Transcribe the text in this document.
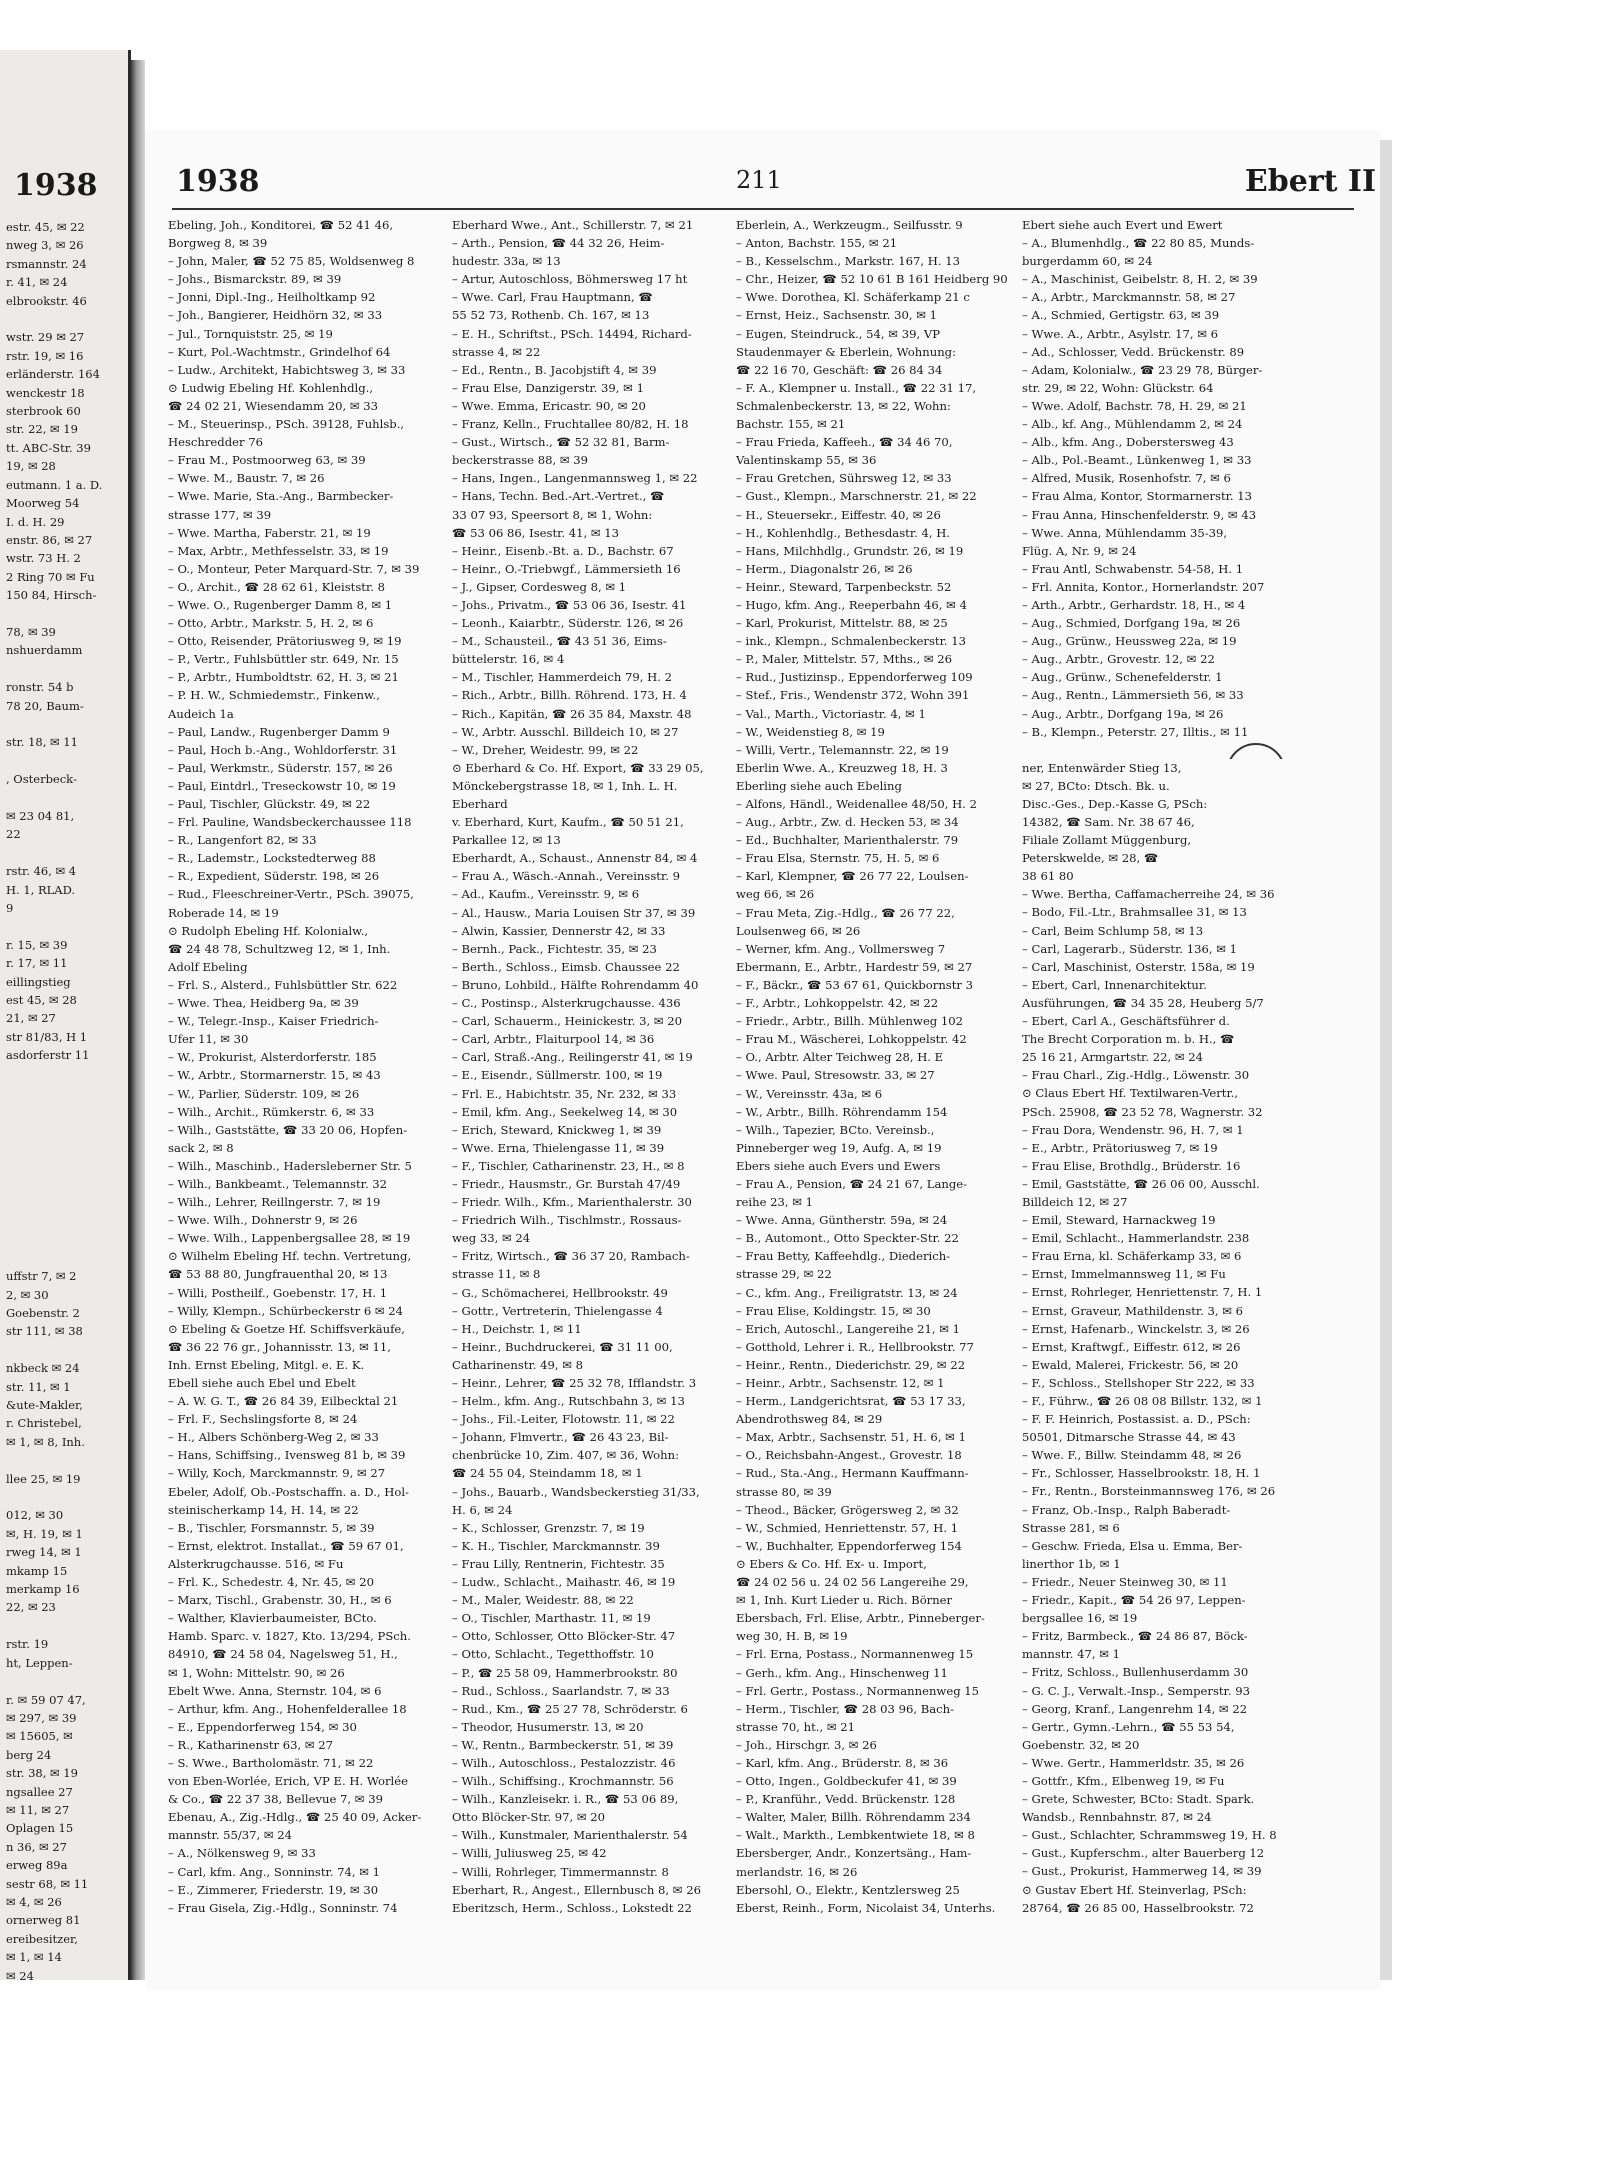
1938
estr. 45, ✉ 22
nweg 3, ✉ 26
rsmannstr. 24
r. 41, ✉ 24
elbrookstr. 46

wstr. 29 ✉ 27
rstr. 19, ✉ 16
erländerstr. 164
wenckestr 18
sterbrook 60
str. 22, ✉ 19
tt. ABC-Str. 39
19, ✉ 28
eutmann. 1 a. D.
Moorweg 54
I. d. H. 29
enstr. 86, ✉ 27
wstr. 73 H. 2
2 Ring 70 ✉ Fu
150 84, Hirsch-

78, ✉ 39
nshuerdamm

ronstr. 54 b
78 20, Baum-

str. 18, ✉ 11

, Osterbeck-

✉ 23 04 81,
22

rstr. 46, ✉ 4
H. 1, RLAD.
9

r. 15, ✉ 39
r. 17, ✉ 11
eillingstieg
est 45, ✉ 28
21, ✉ 27
str 81/83, H 1
asdorferstr 11

uffstr 7, ✉ 2
2, ✉ 30
Goebenstr. 2
str 111, ✉ 38

nkbeck ✉ 24
str. 11, ✉ 1
&ute-Makler,
r. Christebel,
✉ 1, ✉ 8, Inh.

llee 25, ✉ 19

012, ✉ 30
✉, H. 19, ✉ 1
rweg 14, ✉ 1
mkamp 15
merkamp 16
22, ✉ 23

rstr. 19
ht, Leppen-

r. ✉ 59 07 47,
✉ 297, ✉ 39
✉ 15605, ✉
berg 24
str. 38, ✉ 19
ngsallee 27
✉ 11, ✉ 27
Oplagen 15
n 36, ✉ 27
erweg 89a
sestr 68, ✉ 11
✉ 4, ✉ 26
ornerweg 81
ereibesitzer,
✉ 1, ✉ 14
✉ 24

1938	211	Ebert II
Ebeling, Joh., Konditorei, ☎ 52 41 46,
Borgweg 8, ✉ 39
– John, Maler, ☎ 52 75 85, Woldsenweg 8
– Johs., Bismarckstr. 89, ✉ 39
– Jonni, Dipl.-Ing., Heilholtkamp 92
– Joh., Bangierer, Heidhörn 32, ✉ 33
– Jul., Tornquiststr. 25, ✉ 19
– Kurt, Pol.-Wachtmstr., Grindelhof 64
– Ludw., Architekt, Habichtsweg 3, ✉ 33
⊙ Ludwig Ebeling Hf. Kohlenhdlg.,
☎ 24 02 21, Wiesendamm 20, ✉ 33
– M., Steuerinsp., PSch. 39128, Fuhlsb.,
Heschredder 76
– Frau M., Postmoorweg 63, ✉ 39
– Wwe. M., Baustr. 7, ✉ 26
– Wwe. Marie, Sta.-Ang., Barmbecker-
strasse 177, ✉ 39
– Wwe. Martha, Faberstr. 21, ✉ 19
– Max, Arbtr., Methfesselstr. 33, ✉ 19
– O., Monteur, Peter Marquard-Str. 7, ✉ 39
– O., Archit., ☎ 28 62 61, Kleiststr. 8
– Wwe. O., Rugenberger Damm 8, ✉ 1
– Otto, Arbtr., Markstr. 5, H. 2, ✉ 6
– Otto, Reisender, Prätoriusweg 9, ✉ 19
– P., Vertr., Fuhlsbüttler str. 649, Nr. 15
– P., Arbtr., Humboldtstr. 62, H. 3, ✉ 21
– P. H. W., Schmiedemstr., Finkenw.,
Audeich 1a
– Paul, Landw., Rugenberger Damm 9
– Paul, Hoch b.-Ang., Wohldorferstr. 31
– Paul, Werkmstr., Süderstr. 157, ✉ 26
– Paul, Eintdrl., Treseckowstr 10, ✉ 19
– Paul, Tischler, Glückstr. 49, ✉ 22
– Frl. Pauline, Wandsbeckerchaussee 118
– R., Langenfort 82, ✉ 33
– R., Lademstr., Lockstedterweg 88
– R., Expedient, Süderstr. 198, ✉ 26
– Rud., Fleeschreiner-Vertr., PSch. 39075,
Roberade 14, ✉ 19
⊙ Rudolph Ebeling Hf. Kolonialw.,
☎ 24 48 78, Schultzweg 12, ✉ 1, Inh.
Adolf Ebeling
– Frl. S., Alsterd., Fuhlsbüttler Str. 622
– Wwe. Thea, Heidberg 9a, ✉ 39
– W., Telegr.-Insp., Kaiser Friedrich-
Ufer 11, ✉ 30
– W., Prokurist, Alsterdorferstr. 185
– W., Arbtr., Stormarnerstr. 15, ✉ 43
– W., Parlier, Süderstr. 109, ✉ 26
– Wilh., Archit., Rümkerstr. 6, ✉ 33
– Wilh., Gaststätte, ☎ 33 20 06, Hopfen-
sack 2, ✉ 8
– Wilh., Maschinb., Hadersleberner Str. 5
– Wilh., Bankbeamt., Telemannstr. 32
– Wilh., Lehrer, Reillngerstr. 7, ✉ 19
– Wwe. Wilh., Dohnerstr 9, ✉ 26
– Wwe. Wilh., Lappenbergsallee 28, ✉ 19
⊙ Wilhelm Ebeling Hf. techn. Vertretung,
☎ 53 88 80, Jungfrauenthal 20, ✉ 13
– Willi, Postheilf., Goebenstr. 17, H. 1
– Willy, Klempn., Schürbeckerstr 6 ✉ 24
⊙ Ebeling & Goetze Hf. Schiffsverkäufe,
☎ 36 22 76 gr., Johannisstr. 13, ✉ 11,
Inh. Ernst Ebeling, Mitgl. e. E. K.
Ebell siehe auch Ebel und Ebelt
– A. W. G. T., ☎ 26 84 39, Eilbecktal 21
– Frl. F., Sechslingsforte 8, ✉ 24
– H., Albers Schönberg-Weg 2, ✉ 33
– Hans, Schiffsing., Ivensweg 81 b, ✉ 39
– Willy, Koch, Marckmannstr. 9, ✉ 27
Ebeler, Adolf, Ob.-Postschaffn. a. D., Hol-
steinischerkamp 14, H. 14, ✉ 22
– B., Tischler, Forsmannstr. 5, ✉ 39
– Ernst, elektrot. Installat., ☎ 59 67 01,
Alsterkrugchausse. 516, ✉ Fu
– Frl. K., Schedestr. 4, Nr. 45, ✉ 20
– Marx, Tischl., Grabenstr. 30, H., ✉ 6
– Walther, Klavierbaumeister, BCto.
Hamb. Sparc. v. 1827, Kto. 13/294, PSch.
84910, ☎ 24 58 04, Nagelsweg 51, H.,
✉ 1, Wohn: Mittelstr. 90, ✉ 26
Ebelt Wwe. Anna, Sternstr. 104, ✉ 6
– Arthur, kfm. Ang., Hohenfelderallee 18
– E., Eppendorferweg 154, ✉ 30
– R., Katharinenstr 63, ✉ 27
– S. Wwe., Bartholomästr. 71, ✉ 22
von Eben-Worlée, Erich, VP E. H. Worlée
& Co., ☎ 22 37 38, Bellevue 7, ✉ 39
Ebenau, A., Zig.-Hdlg., ☎ 25 40 09, Acker-
mannstr. 55/37, ✉ 24
– A., Nölkensweg 9, ✉ 33
– Carl, kfm. Ang., Sonninstr. 74, ✉ 1
– E., Zimmerer, Friederstr. 19, ✉ 30
– Frau Gisela, Zig.-Hdlg., Sonninstr. 74
Eberhard Wwe., Ant., Schillerstr. 7, ✉ 21
– Arth., Pension, ☎ 44 32 26, Heim-
hudestr. 33a, ✉ 13
– Artur, Autoschloss, Böhmersweg 17 ht
– Wwe. Carl, Frau Hauptmann, ☎
55 52 73, Rothenb. Ch. 167, ✉ 13
– E. H., Schriftst., PSch. 14494, Richard-
strasse 4, ✉ 22
– Ed., Rentn., B. Jacobjstift 4, ✉ 39
– Frau Else, Danzigerstr. 39, ✉ 1
– Wwe. Emma, Ericastr. 90, ✉ 20
– Franz, Kelln., Fruchtallee 80/82, H. 18
– Gust., Wirtsch., ☎ 52 32 81, Barm-
beckerstrasse 88, ✉ 39
– Hans, Ingen., Langenmannsweg 1, ✉ 22
– Hans, Techn. Bed.-Art.-Vertret., ☎
33 07 93, Speersort 8, ✉ 1, Wohn:
☎ 53 06 86, Isestr. 41, ✉ 13
– Heinr., Eisenb.-Bt. a. D., Bachstr. 67
– Heinr., O.-Triebwgf., Lämmersieth 16
– J., Gipser, Cordesweg 8, ✉ 1
– Johs., Privatm., ☎ 53 06 36, Isestr. 41
– Leonh., Kaiarbtr., Süderstr. 126, ✉ 26
– M., Schausteil., ☎ 43 51 36, Eims-
büttelerstr. 16, ✉ 4
– M., Tischler, Hammerdeich 79, H. 2
– Rich., Arbtr., Billh. Röhrend. 173, H. 4
– Rich., Kapitän, ☎ 26 35 84, Maxstr. 48
– W., Arbtr. Ausschl. Billdeich 10, ✉ 27
– W., Dreher, Weidestr. 99, ✉ 22
⊙ Eberhard & Co. Hf. Export, ☎ 33 29 05,
Mönckebergstrasse 18, ✉ 1, Inh. L. H.
Eberhard
v. Eberhard, Kurt, Kaufm., ☎ 50 51 21,
Parkallee 12, ✉ 13
Eberhardt, A., Schaust., Annenstr 84, ✉ 4
– Frau A., Wäsch.-Annah., Vereinsstr. 9
– Ad., Kaufm., Vereinsstr. 9, ✉ 6
– Al., Hausw., Maria Louisen Str 37, ✉ 39
– Alwin, Kassier, Dennerstr 42, ✉ 33
– Bernh., Pack., Fichtestr. 35, ✉ 23
– Berth., Schloss., Eimsb. Chaussee 22
– Bruno, Lohbild., Hälfte Rohrendamm 40
– C., Postinsp., Alsterkrugchausse. 436
– Carl, Schauerm., Heinickestr. 3, ✉ 20
– Carl, Arbtr., Flaiturpool 14, ✉ 36
– Carl, Straß.-Ang., Reilingerstr 41, ✉ 19
– E., Eisendr., Süllmerstr. 100, ✉ 19
– Frl. E., Habichtstr. 35, Nr. 232, ✉ 33
– Emil, kfm. Ang., Seekelweg 14, ✉ 30
– Erich, Steward, Knickweg 1, ✉ 39
– Wwe. Erna, Thielengasse 11, ✉ 39
– F., Tischler, Catharinenstr. 23, H., ✉ 8
– Friedr., Hausmstr., Gr. Burstah 47/49
– Friedr. Wilh., Kfm., Marienthalerstr. 30
– Friedrich Wilh., Tischlmstr., Rossaus-
weg 33, ✉ 24
– Fritz, Wirtsch., ☎ 36 37 20, Rambach-
strasse 11, ✉ 8
– G., Schömacherei, Hellbrookstr. 49
– Gottr., Vertreterin, Thielengasse 4
– H., Deichstr. 1, ✉ 11
– Heinr., Buchdruckerei, ☎ 31 11 00,
Catharinenstr. 49, ✉ 8
– Heinr., Lehrer, ☎ 25 32 78, Ifflandstr. 3
– Helm., kfm. Ang., Rutschbahn 3, ✉ 13
– Johs., Fil.-Leiter, Flotowstr. 11, ✉ 22
– Johann, Flmvertr., ☎ 26 43 23, Bil-
chenbrücke 10, Zim. 407, ✉ 36, Wohn:
☎ 24 55 04, Steindamm 18, ✉ 1
– Johs., Bauarb., Wandsbeckerstieg 31/33,
H. 6, ✉ 24
– K., Schlosser, Grenzstr. 7, ✉ 19
– K. H., Tischler, Marckmannstr. 39
– Frau Lilly, Rentnerin, Fichtestr. 35
– Ludw., Schlacht., Maihastr. 46, ✉ 19
– M., Maler, Weidestr. 88, ✉ 22
– O., Tischler, Marthastr. 11, ✉ 19
– Otto, Schlosser, Otto Blöcker-Str. 47
– Otto, Schlacht., Tegetthoffstr. 10
– P., ☎ 25 58 09, Hammerbrookstr. 80
– Rud., Schloss., Saarlandstr. 7, ✉ 33
– Rud., Km., ☎ 25 27 78, Schröderstr. 6
– Theodor, Husumerstr. 13, ✉ 20
– W., Rentn., Barmbeckerstr. 51, ✉ 39
– Wilh., Autoschloss., Pestalozzistr. 46
– Wilh., Schiffsing., Krochmannstr. 56
– Wilh., Kanzleisekr. i. R., ☎ 53 06 89,
Otto Blöcker-Str. 97, ✉ 20
– Wilh., Kunstmaler, Marienthalerstr. 54
– Willi, Juliusweg 25, ✉ 42
– Willi, Rohrleger, Timmermannstr. 8
Eberhart, R., Angest., Ellernbusch 8, ✉ 26
Eberitzsch, Herm., Schloss., Lokstedt 22
Eberlein, A., Werkzeugm., Seilfusstr. 9
– Anton, Bachstr. 155, ✉ 21
– B., Kesselschm., Markstr. 167, H. 13
– Chr., Heizer, ☎ 52 10 61 B 161 Heidberg 90
– Wwe. Dorothea, Kl. Schäferkamp 21 c
– Ernst, Heiz., Sachsenstr. 30, ✉ 1
– Eugen, Steindruck., 54, ✉ 39, VP
Staudenmayer & Eberlein, Wohnung:
☎ 22 16 70, Geschäft: ☎ 26 84 34
– F. A., Klempner u. Install., ☎ 22 31 17,
Schmalenbeckerstr. 13, ✉ 22, Wohn:
Bachstr. 155, ✉ 21
– Frau Frieda, Kaffeeh., ☎ 34 46 70,
Valentinskamp 55, ✉ 36
– Frau Gretchen, Sührsweg 12, ✉ 33
– Gust., Klempn., Marschnerstr. 21, ✉ 22
– H., Steuersekr., Eiffestr. 40, ✉ 26
– H., Kohlenhdlg., Bethesdastr. 4, H.
– Hans, Milchhdlg., Grundstr. 26, ✉ 19
– Herm., Diagonalstr 26, ✉ 26
– Heinr., Steward, Tarpenbeckstr. 52
– Hugo, kfm. Ang., Reeperbahn 46, ✉ 4
– Karl, Prokurist, Mittelstr. 88, ✉ 25
– ink., Klempn., Schmalenbeckerstr. 13
– P., Maler, Mittelstr. 57, Mths., ✉ 26
– Rud., Justizinsp., Eppendorferweg 109
– Stef., Fris., Wendenstr 372, Wohn 391
– Val., Marth., Victoriastr. 4, ✉ 1
– W., Weidenstieg 8, ✉ 19
– Willi, Vertr., Telemannstr. 22, ✉ 19
Eberlin Wwe. A., Kreuzweg 18, H. 3
Eberling siehe auch Ebeling
– Alfons, Händl., Weidenallee 48/50, H. 2
– Aug., Arbtr., Zw. d. Hecken 53, ✉ 34
– Ed., Buchhalter, Marienthalerstr. 79
– Frau Elsa, Sternstr. 75, H. 5, ✉ 6
– Karl, Klempner, ☎ 26 77 22, Loulsen-
weg 66, ✉ 26
– Frau Meta, Zig.-Hdlg., ☎ 26 77 22,
Loulsenweg 66, ✉ 26
– Werner, kfm. Ang., Vollmersweg 7
Ebermann, E., Arbtr., Hardestr 59, ✉ 27
– F., Bäckr., ☎ 53 67 61, Quickbornstr 3
– F., Arbtr., Lohkoppelstr. 42, ✉ 22
– Friedr., Arbtr., Billh. Mühlenweg 102
– Frau M., Wäscherei, Lohkoppelstr. 42
– O., Arbtr. Alter Teichweg 28, H. E
– Wwe. Paul, Stresowstr. 33, ✉ 27
– W., Vereinsstr. 43a, ✉ 6
– W., Arbtr., Billh. Röhrendamm 154
– Wilh., Tapezier, BCto. Vereinsb.,
Pinneberger weg 19, Aufg. A, ✉ 19
Ebers siehe auch Evers und Ewers
– Frau A., Pension, ☎ 24 21 67, Lange-
reihe 23, ✉ 1
– Wwe. Anna, Güntherstr. 59a, ✉ 24
– B., Automont., Otto Speckter-Str. 22
– Frau Betty, Kaffeehdlg., Diederich-
strasse 29, ✉ 22
– C., kfm. Ang., Freiligratstr. 13, ✉ 24
– Frau Elise, Koldingstr. 15, ✉ 30
– Erich, Autoschl., Langereihe 21, ✉ 1
– Gotthold, Lehrer i. R., Hellbrookstr. 77
– Heinr., Rentn., Diederichstr. 29, ✉ 22
– Heinr., Arbtr., Sachsenstr. 12, ✉ 1
– Herm., Landgerichtsrat, ☎ 53 17 33,
Abendrothsweg 84, ✉ 29
– Max, Arbtr., Sachsenstr. 51, H. 6, ✉ 1
– O., Reichsbahn-Angest., Grovestr. 18
– Rud., Sta.-Ang., Hermann Kauffmann-
strasse 80, ✉ 39
– Theod., Bäcker, Grögersweg 2, ✉ 32
– W., Schmied, Henriettenstr. 57, H. 1
– W., Buchhalter, Eppendorferweg 154
⊙ Ebers & Co. Hf. Ex- u. Import,
☎ 24 02 56 u. 24 02 56 Langereihe 29,
✉ 1, Inh. Kurt Lieder u. Rich. Börner
Ebersbach, Frl. Elise, Arbtr., Pinneberger-
weg 30, H. B, ✉ 19
– Frl. Erna, Postass., Normannenweg 15
– Gerh., kfm. Ang., Hinschenweg 11
– Frl. Gertr., Postass., Normannenweg 15
– Herm., Tischler, ☎ 28 03 96, Bach-
strasse 70, ht., ✉ 21
– Joh., Hirschgr. 3, ✉ 26
– Karl, kfm. Ang., Brüderstr. 8, ✉ 36
– Otto, Ingen., Goldbeckufer 41, ✉ 39
– P., Kranführ., Vedd. Brückenstr. 128
– Walter, Maler, Billh. Röhrendamm 234
– Walt., Markth., Lembkentwiete 18, ✉ 8
Ebersberger, Andr., Konzertsäng., Ham-
merlandstr. 16, ✉ 26
Ebersohl, O., Elektr., Kentzlersweg 25
Eberst, Reinh., Form, Nicolaist 34, Unterhs.
Ebert siehe auch Evert und Ewert
– A., Blumenhdlg., ☎ 22 80 85, Munds-
burgerdamm 60, ✉ 24
– A., Maschinist, Geibelstr. 8, H. 2, ✉ 39
– A., Arbtr., Marckmannstr. 58, ✉ 27
– A., Schmied, Gertigstr. 63, ✉ 39
– Wwe. A., Arbtr., Asylstr. 17, ✉ 6
– Ad., Schlosser, Vedd. Brückenstr. 89
– Adam, Kolonialw., ☎ 23 29 78, Bürger-
str. 29, ✉ 22, Wohn: Glückstr. 64
– Wwe. Adolf, Bachstr. 78, H. 29, ✉ 21
– Alb., kf. Ang., Mühlendamm 2, ✉ 24
– Alb., kfm. Ang., Doberstersweg 43
– Alb., Pol.-Beamt., Lünkenweg 1, ✉ 33
– Alfred, Musik, Rosenhofstr. 7, ✉ 6
– Frau Alma, Kontor, Stormarnerstr. 13
– Frau Anna, Hinschenfelderstr. 9, ✉ 43
– Wwe. Anna, Mühlendamm 35-39,
Flüg. A, Nr. 9, ✉ 24
– Frau Antl, Schwabenstr. 54-58, H. 1
– Frl. Annita, Kontor., Hornerlandstr. 207
– Arth., Arbtr., Gerhardstr. 18, H., ✉ 4
– Aug., Schmied, Dorfgang 19a, ✉ 26
– Aug., Grünw., Heussweg 22a, ✉ 19
– Aug., Arbtr., Grovestr. 12, ✉ 22
– Aug., Grünw., Schenefelderstr. 1
– Aug., Rentn., Lämmersieth 56, ✉ 33
– Aug., Arbtr., Dorfgang 19a, ✉ 26
– B., Klempn., Peterstr. 27, Illtis., ✉ 11
ner, Entenwärder Stieg 13,
✉ 27, BCto: Dtsch. Bk. u.
Disc.-Ges., Dep.-Kasse G, PSch:
14382, ☎ Sam. Nr. 38 67 46,
Filiale Zollamt Müggenburg,
Peterskwelde, ✉ 28, ☎
38 61 80
– Wwe. Bertha, Caffamacherreihe 24, ✉ 36
– Bodo, Fil.-Ltr., Brahmsallee 31, ✉ 13
– Carl, Beim Schlump 58, ✉ 13
– Carl, Lagerarb., Süderstr. 136, ✉ 1
– Carl, Maschinist, Osterstr. 158a, ✉ 19
– Ebert, Carl, Innenarchitektur.
Ausführungen, ☎ 34 35 28, Heuberg 5/7
– Ebert, Carl A., Geschäftsführer d.
The Brecht Corporation m. b. H., ☎
25 16 21, Armgartstr. 22, ✉ 24
– Frau Charl., Zig.-Hdlg., Löwenstr. 30
⊙ Claus Ebert Hf. Textilwaren-Vertr.,
PSch. 25908, ☎ 23 52 78, Wagnerstr. 32
– Frau Dora, Wendenstr. 96, H. 7, ✉ 1
– E., Arbtr., Prätoriusweg 7, ✉ 19
– Frau Elise, Brothdlg., Brüderstr. 16
– Emil, Gaststätte, ☎ 26 06 00, Ausschl.
Billdeich 12, ✉ 27
– Emil, Steward, Harnackweg 19
– Emil, Schlacht., Hammerlandstr. 238
– Frau Erna, kl. Schäferkamp 33, ✉ 6
– Ernst, Immelmannsweg 11, ✉ Fu
– Ernst, Rohrleger, Henriettenstr. 7, H. 1
– Ernst, Graveur, Mathildenstr. 3, ✉ 6
– Ernst, Hafenarb., Winckelstr. 3, ✉ 26
– Ernst, Kraftwgf., Eiffestr. 612, ✉ 26
– Ewald, Malerei, Frickestr. 56, ✉ 20
– F., Schloss., Stellshoper Str 222, ✉ 33
– F., Führw., ☎ 26 08 08 Billstr. 132, ✉ 1
– F. F. Heinrich, Postassist. a. D., PSch:
50501, Ditmarsche Strasse 44, ✉ 43
– Wwe. F., Billw. Steindamm 48, ✉ 26
– Fr., Schlosser, Hasselbrookstr. 18, H. 1
– Fr., Rentn., Borsteinmannsweg 176, ✉ 26
– Franz, Ob.-Insp., Ralph Baberadt-
Strasse 281, ✉ 6
– Geschw. Frieda, Elsa u. Emma, Ber-
linerthor 1b, ✉ 1
– Friedr., Neuer Steinweg 30, ✉ 11
– Friedr., Kapit., ☎ 54 26 97, Leppen-
bergsallee 16, ✉ 19
– Fritz, Barmbeck., ☎ 24 86 87, Böck-
mannstr. 47, ✉ 1
– Fritz, Schloss., Bullenhuserdamm 30
– G. C. J., Verwalt.-Insp., Semperstr. 93
– Georg, Kranf., Langenrehm 14, ✉ 22
– Gertr., Gymn.-Lehrn., ☎ 55 53 54,
Goebenstr. 32, ✉ 20
– Wwe. Gertr., Hammerldstr. 35, ✉ 26
– Gottfr., Kfm., Elbenweg 19, ✉ Fu
– Grete, Schwester, BCto: Stadt. Spark.
Wandsb., Rennbahnstr. 87, ✉ 24
– Gust., Schlachter, Schrammsweg 19, H. 8
– Gust., Kupferschm., alter Bauerberg 12
– Gust., Prokurist, Hammerweg 14, ✉ 39
⊙ Gustav Ebert Hf. Steinverlag, PSch:
28764, ☎ 26 85 00, Hasselbrookstr. 72
